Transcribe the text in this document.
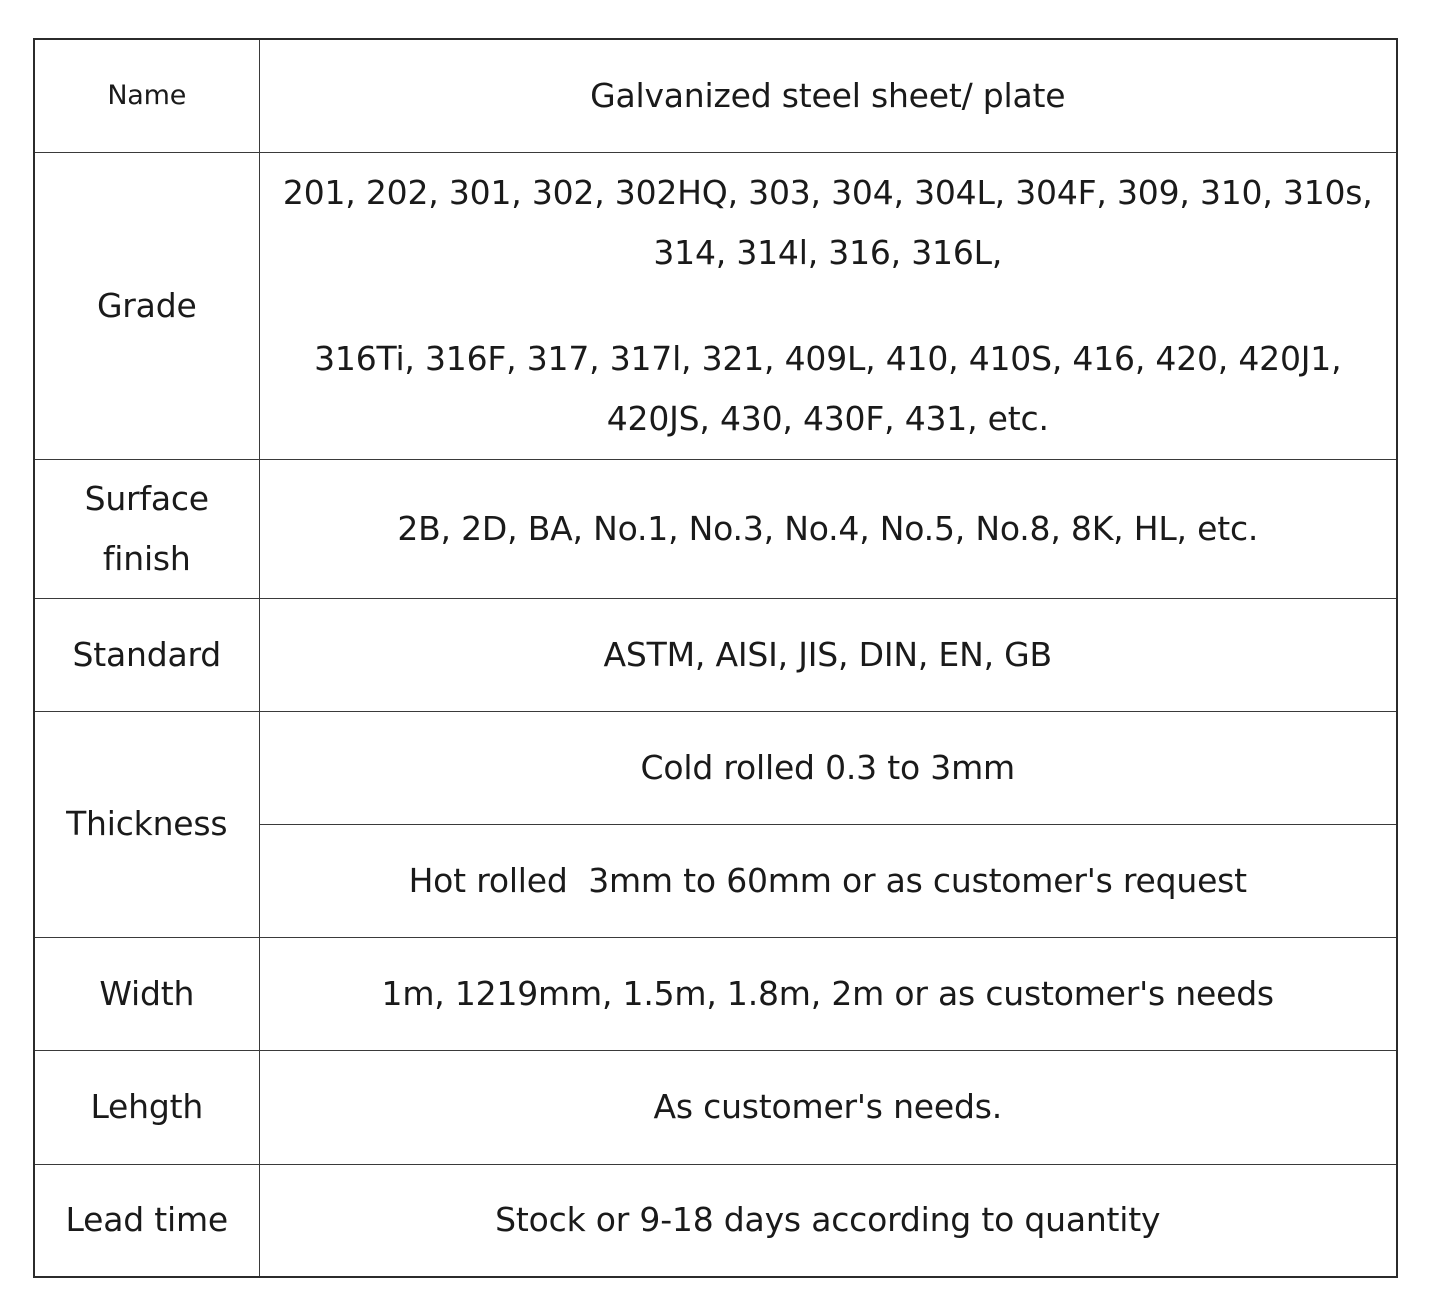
Name	Galvanized steel sheet/ plate
Grade	201, 202, 301, 302, 302HQ, 303, 304, 304L, 304F, 309, 310, 310s, 314, 314l, 316, 316L,

316Ti, 316F, 317, 317l, 321, 409L, 410, 410S, 416, 420, 420J1, 420JS, 430, 430F, 431, etc.

Surface finish	2B, 2D, BA, No.1, No.3, No.4, No.5, No.8, 8K, HL, etc.
Standard	ASTM, AISI, JIS, DIN, EN, GB
Thickness	Cold rolled 0.3 to 3mm
	Hot rolled  3mm to 60mm or as customer's request
Width	1m, 1219mm, 1.5m, 1.8m, 2m or as customer's needs
Lehgth	As customer's needs.
Lead time	Stock or 9-18 days according to quantity
